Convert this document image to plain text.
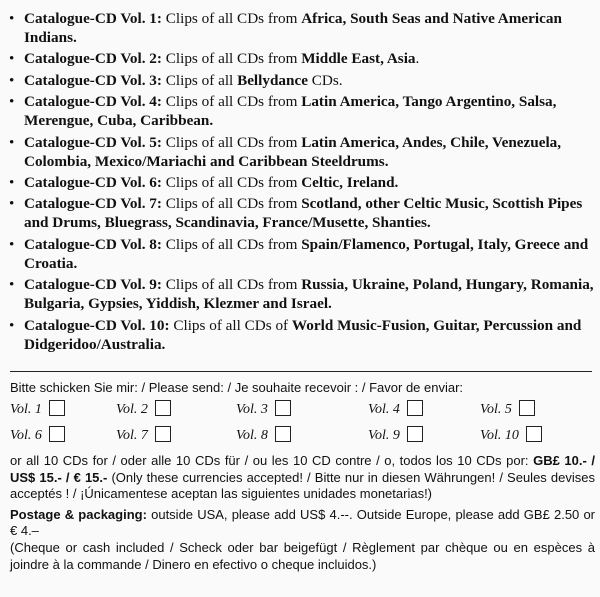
• Catalogue-CD Vol. 1: Clips of all CDs from Africa, South Seas and Native American Indians.
• Catalogue-CD Vol. 2: Clips of all CDs from Middle East, Asia.
• Catalogue-CD Vol. 3: Clips of all Bellydance CDs.
• Catalogue-CD Vol. 4: Clips of all CDs from Latin America, Tango Argentino, Salsa, Merengue, Cuba, Caribbean.
• Catalogue-CD Vol. 5: Clips of all CDs from Latin America, Andes, Chile, Venezuela, Colombia, Mexico/Mariachi and Caribbean Steeldrums.
• Catalogue-CD Vol. 6: Clips of all CDs from Celtic, Ireland.
• Catalogue-CD Vol. 7: Clips of all CDs from Scotland, other Celtic Music, Scottish Pipes and Drums, Bluegrass, Scandinavia, France/Musette, Shanties.
• Catalogue-CD Vol. 8: Clips of all CDs from Spain/Flamenco, Portugal, Italy, Greece and Croatia.
• Catalogue-CD Vol. 9: Clips of all CDs from Russia, Ukraine, Poland, Hungary, Romania, Bulgaria, Gypsies, Yiddish, Klezmer and Israel.
• Catalogue-CD Vol. 10: Clips of all CDs of World Music-Fusion, Guitar, Percussion and Didgeridoo/Australia.
Bitte schicken Sie mir: / Please send: / Je souhaite recevoir : / Favor de enviar:
Vol. 1	Vol. 2	Vol. 3	Vol. 4	Vol. 5
Vol. 6	Vol. 7	Vol. 8	Vol. 9	Vol. 10
or all 10 CDs for / oder alle 10 CDs für / ou les 10 CD contre / o, todos los 10 CDs por: GB£ 10.- / US$ 15.- / € 15.- (Only these currencies accepted! / Bitte nur in diesen Währungen! / Seules devises acceptés ! / ¡Únicamentese aceptan las siguientes unidades monetarias!)
Postage & packaging: outside USA, please add US$ 4.--. Outside Europe, please add GB£ 2.50 or € 4.–
(Cheque or cash included / Scheck oder bar beigefügt / Règlement par chèque ou en espèces à joindre à la commande / Dinero en efectivo o cheque incluidos.)
